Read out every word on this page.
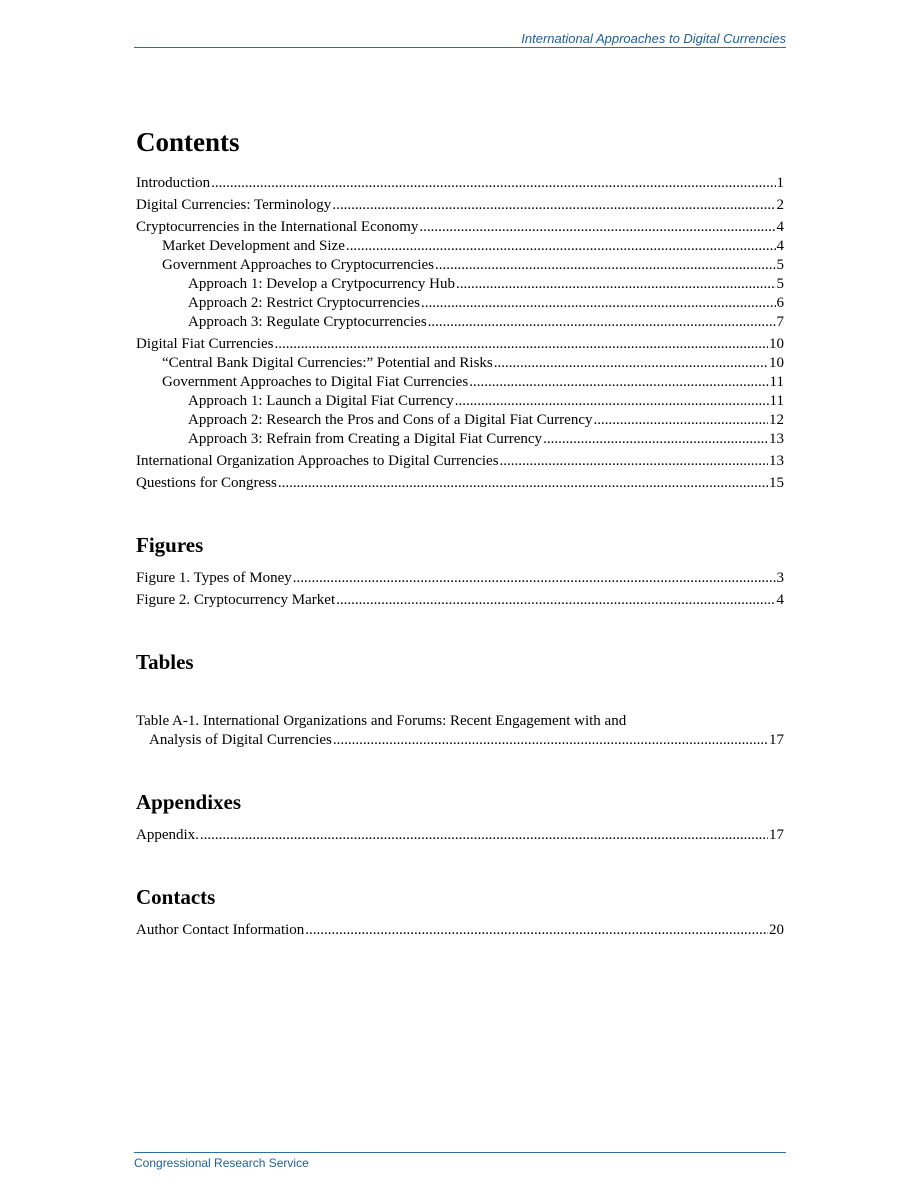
International Approaches to Digital Currencies
Contents
Introduction .....	1
Digital Currencies: Terminology .....	2
Cryptocurrencies in the International Economy .....	4
Market Development and Size .....	4
Government Approaches to Cryptocurrencies .....	5
Approach 1: Develop a Crytpocurrency Hub .....	5
Approach 2: Restrict Cryptocurrencies .....	6
Approach 3: Regulate Cryptocurrencies .....	7
Digital Fiat Currencies .....	10
“Central Bank Digital Currencies:” Potential and Risks .....	10
Government Approaches to Digital Fiat Currencies .....	11
Approach 1: Launch a Digital Fiat Currency .....	11
Approach 2: Research the Pros and Cons of a Digital Fiat Currency .....	12
Approach 3: Refrain from Creating a Digital Fiat Currency .....	13
International Organization Approaches to Digital Currencies .....	13
Questions for Congress .....	15
Figures
Figure 1. Types of Money .....	3
Figure 2. Cryptocurrency Market .....	4
Tables
Table A-1. International Organizations and Forums: Recent Engagement with and
Analysis of Digital Currencies .....	17
Appendixes
Appendix. .....	17
Contacts
Author Contact Information .....	20
Congressional Research Service
